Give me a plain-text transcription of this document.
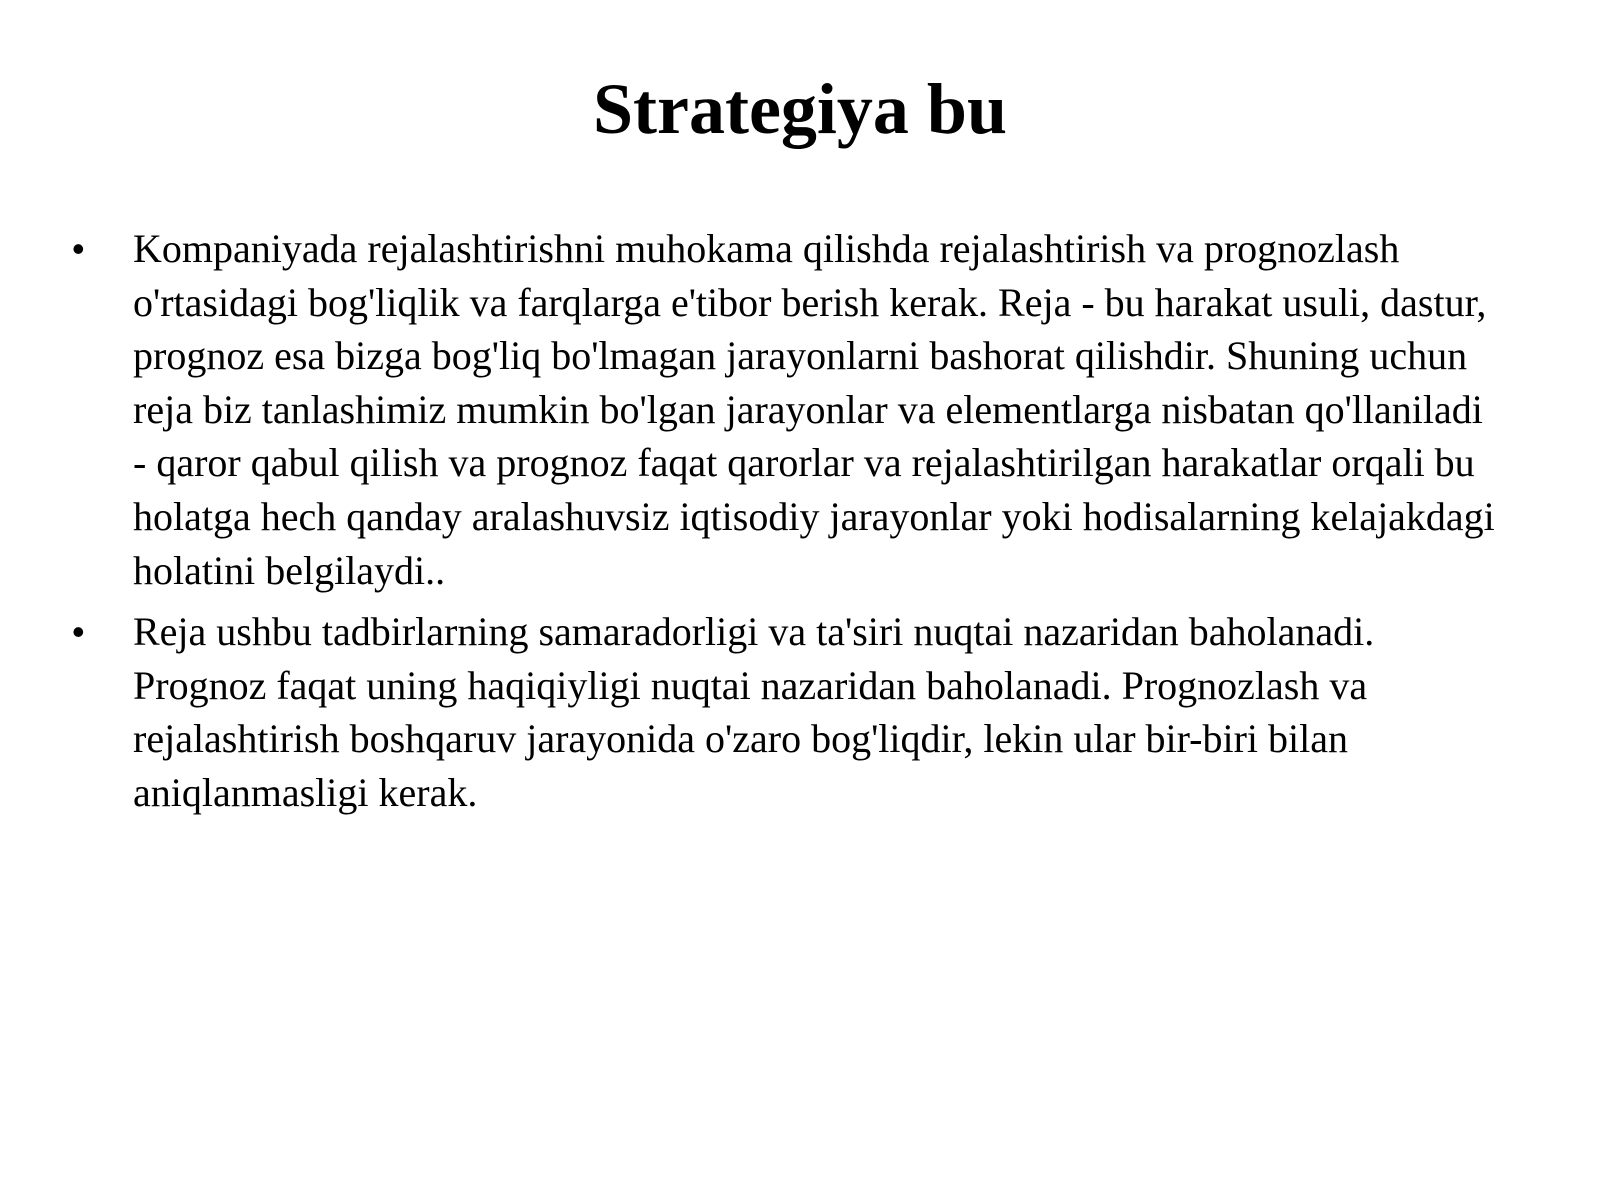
Strategiya bu
• Kompaniyada rejalashtirishni muhokama qilishda rejalashtirish va prognozlash o'rtasidagi bog'liqlik va farqlarga e'tibor berish kerak. Reja - bu harakat usuli, dastur, prognoz esa bizga bog'liq bo'lmagan jarayonlarni bashorat qilishdir. Shuning uchun reja biz tanlashimiz mumkin bo'lgan jarayonlar va elementlarga nisbatan qo'llaniladi - qaror qabul qilish va prognoz faqat qarorlar va rejalashtirilgan harakatlar orqali bu holatga hech qanday aralashuvsiz iqtisodiy jarayonlar yoki hodisalarning kelajakdagi holatini belgilaydi..
• Reja ushbu tadbirlarning samaradorligi va ta'siri nuqtai nazaridan baholanadi. Prognoz faqat uning haqiqiyligi nuqtai nazaridan baholanadi. Prognozlash va rejalashtirish boshqaruv jarayonida o'zaro bog'liqdir, lekin ular bir-biri bilan aniqlanmasligi kerak.
